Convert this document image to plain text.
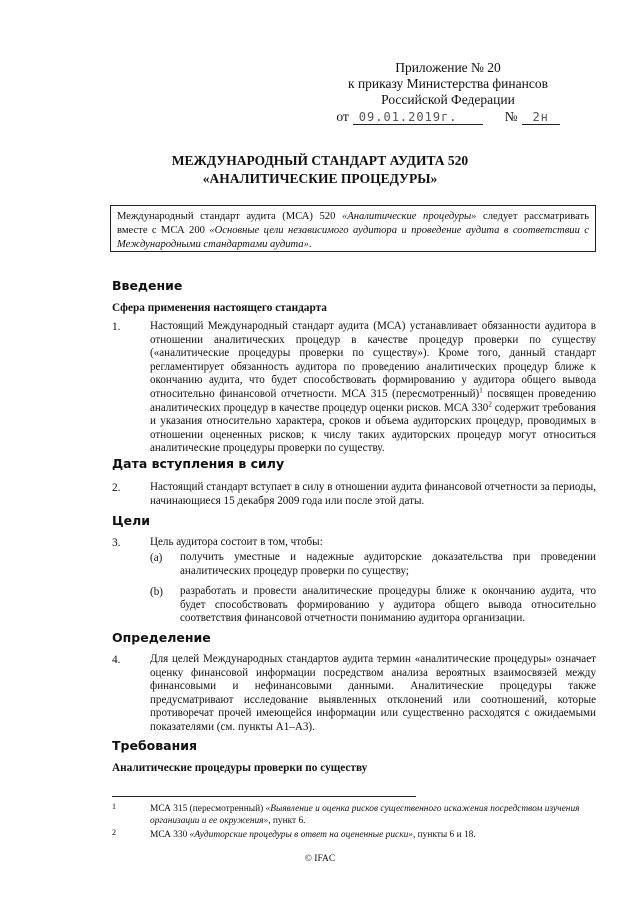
Приложение № 20
к приказу Министерства финансов
Российской Федерации
от 09.01.2019г.	№	2н
МЕЖДУНАРОДНЫЙ СТАНДАРТ АУДИТА 520
«АНАЛИТИЧЕСКИЕ ПРОЦЕДУРЫ»
Международный стандарт аудита (МСА) 520 «Аналитические процедуры» следует рассматривать вместе с МСА 200 «Основные цели независимого аудитора и проведение аудита в соответствии с Международными стандартами аудита».
Введение
Сфера применения настоящего стандарта
1.	Настоящий Международный стандарт аудита (МСА) устанавливает обязанности аудитора в отношении аналитических процедур в качестве процедур проверки по существу («аналитические процедуры проверки по существу»). Кроме того, данный стандарт регламентирует обязанность аудитора по проведению аналитических процедур ближе к окончанию аудита, что будет способствовать формированию у аудитора общего вывода относительно финансовой отчетности. МСА 315 (пересмотренный)$^1$ посвящен проведению аналитических процедур в качестве процедур оценки рисков. МСА $330^2$ содержит требования и указания относительно характера, сроков и объема аудиторских процедур, проводимых в отношении оцененных рисков; к числу таких аудиторских процедур могут относиться аналитические процедуры проверки по существу.
Дата вступления в силу
2.	Настоящий стандарт вступает в силу в отношении аудита финансовой отчетности за периоды, начинающиеся 15 декабря 2009 года или после этой даты.
Цели
3.	Цель аудитора состоит в том, чтобы:
(a) получить уместные и надежные аудиторские доказательства при проведении аналитических процедур проверки по существу;
(b) разработать и провести аналитические процедуры ближе к окончанию аудита, что будет способствовать формированию у аудитора общего вывода относительно соответствия финансовой отчетности пониманию аудитора организации.
Определение
4.	Для целей Международных стандартов аудита термин «аналитические процедуры» означает оценку финансовой информации посредством анализа вероятных взаимосвязей между финансовыми и нефинансовыми данными. Аналитические процедуры также предусматривают исследование выявленных отклонений или соотношений, которые противоречат прочей имеющейся информации или существенно расходятся с ожидаемыми показателями (см. пункты A1–A3).
Требования
Аналитические процедуры проверки по существу
1	МСА 315 (пересмотренный) «Выявление и оценка рисков существенного искажения посредством изучения организации и ее окружения», пункт 6.
2	МСА 330 «Аудиторские процедуры в ответ на оцененные риски», пункты 6 и 18.
© IFAC
